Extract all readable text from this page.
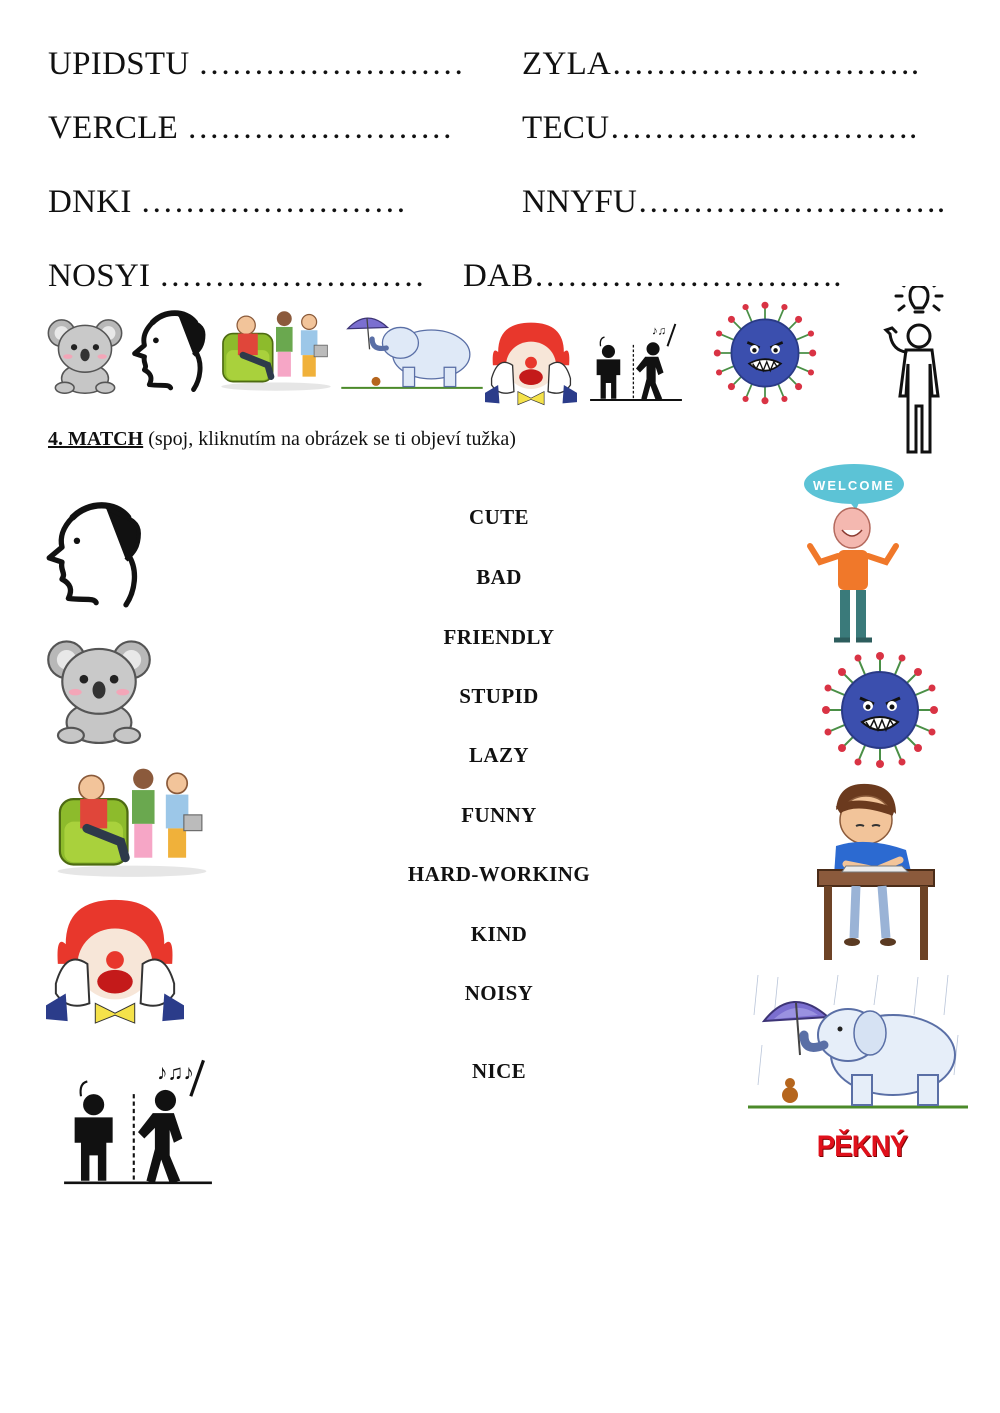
UPIDSTU …………………… ZYLA……………………….
VERCLE …………………… TECU……………………….
DNKI ……………………	NNYFU……………………….
NOSYI …………………… DAB……………………….
♪♫
4. MATCH (spoj, kliknutím na obrázek se ti objeví tužka)
CUTE
BAD
FRIENDLY
STUPID
LAZY
FUNNY
HARD-WORKING
KIND
NOISY
NICE
♪♫♪
WELCOME
PĚKNÝ
